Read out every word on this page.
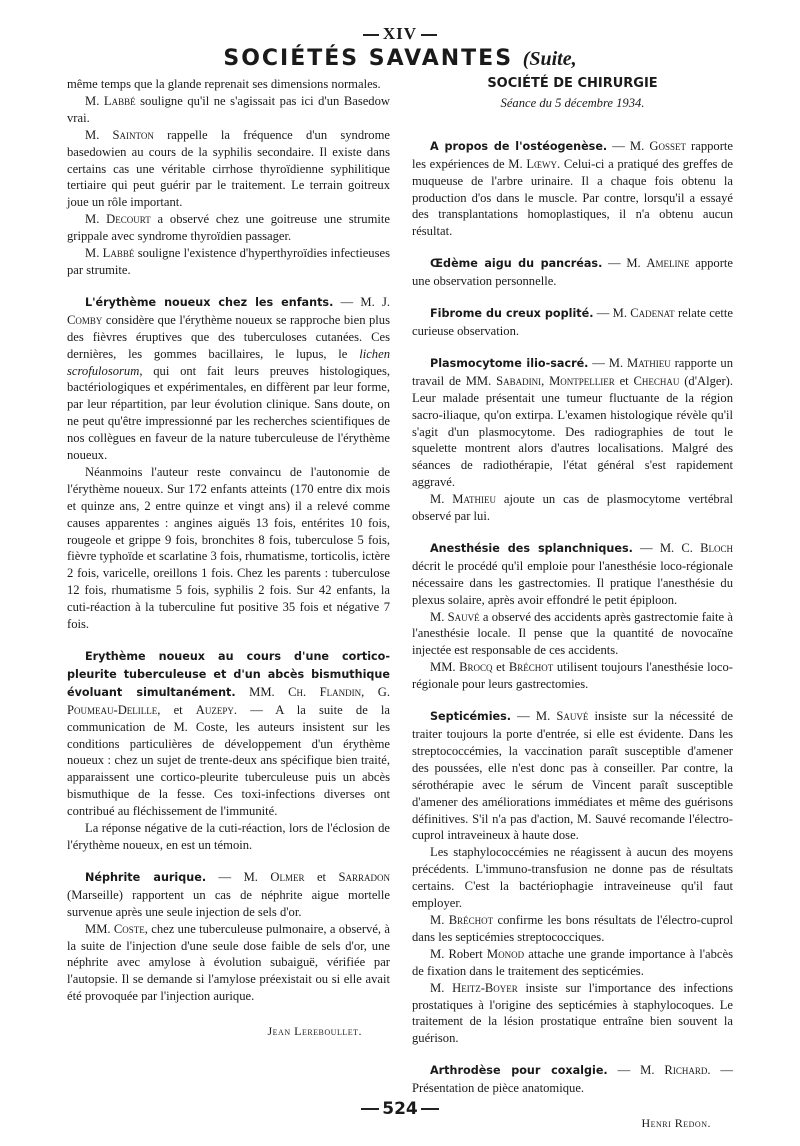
XIV
SOCIÉTÉS SAVANTES (Suite,

même temps que la glande reprenait ses dimensions normales.

M. Labbé souligne qu'il ne s'agissait pas ici d'un Basedow vrai.

M. Sainton rappelle la fréquence d'un syndrome basedowien au cours de la syphilis secondaire. Il existe dans certains cas une véritable cirrhose thyroïdienne syphilitique tertiaire qui peut guérir par le traitement. Le terrain goitreux joue un rôle important.

M. Decourt a observé chez une goitreuse une strumite grippale avec syndrome thyroïdien passager.

M. Labbé souligne l'existence d'hyperthyroïdies infectieuses par strumite.

L'érythème noueux chez les enfants. — M. J. Comby considère que l'érythème noueux se rapproche bien plus des fièvres éruptives que des tuberculoses cutanées. Ces dernières, les gommes bacillaires, le lupus, le lichen scrofulosorum, qui ont fait leurs preuves histologiques, bactériologiques et expérimentales, en diffèrent par leur forme, par leur répartition, par leur évolution clinique. Sans doute, on ne peut qu'être impressionné par les recherches scientifiques de nos collègues en faveur de la nature tuberculeuse de l'érythème noueux.

Néanmoins l'auteur reste convaincu de l'autonomie de l'érythème noueux. Sur 172 enfants atteints (170 entre dix mois et quinze ans, 2 entre quinze et vingt ans) il a relevé comme causes apparentes : angines aiguës 13 fois, entérites 10 fois, rougeole et grippe 9 fois, bronchites 8 fois, tuberculose 5 fois, fièvre typhoïde et scarlatine 3 fois, rhumatisme, torticolis, ictère 2 fois, varicelle, oreillons 1 fois. Chez les parents : tuberculose 12 fois, rhumatisme 5 fois, syphilis 2 fois. Sur 42 enfants, la cuti-réaction à la tuberculine fut positive 35 fois et négative 7 fois.

Erythème noueux au cours d'une cortico-pleurite tuberculeuse et d'un abcès bismuthique évoluant simultanément. MM. Ch. Flandin, G. Poumeau-Delille, et Auzepy. — A la suite de la communication de M. Coste, les auteurs insistent sur les conditions particulières de développement d'un érythème noueux : chez un sujet de trente-deux ans spécifique bien traité, apparaissent une cortico-pleurite tuberculeuse puis un abcès bismuthique de la fesse. Ces toxi-infections diverses ont contribué au fléchissement de l'immunité.

La réponse négative de la cuti-réaction, lors de l'éclosion de l'érythème noueux, en est un témoin.

Néphrite aurique. — M. Olmer et Sarradon (Marseille) rapportent un cas de néphrite aigue mortelle survenue après une seule injection de sels d'or.

MM. Coste, chez une tuberculeuse pulmonaire, a observé, à la suite de l'injection d'une seule dose faible de sels d'or, une néphrite avec amylose à évolution subaiguë, vérifiée par l'autopsie. Il se demande si l'amylose préexistait ou si elle avait été provoquée par l'injection aurique.

Jean Lereboullet.

SOCIÉTÉ DE CHIRURGIE

Séance du 5 décembre 1934.

A propos de l'ostéogenèse. — M. Gosset rapporte les expériences de M. Lœwy. Celui-ci a pratiqué des greffes de muqueuse de l'arbre urinaire. Il a chaque fois obtenu la production d'os dans le muscle. Par contre, lorsqu'il a essayé des transplantations homoplastiques, il n'a obtenu aucun résultat.

Œdème aigu du pancréas. — M. Ameline apporte une observation personnelle.

Fibrome du creux poplité. — M. Cadenat relate cette curieuse observation.

Plasmocytome ilio-sacré. — M. Mathieu rapporte un travail de MM. Sabadini, Montpellier et Chechau (d'Alger). Leur malade présentait une tumeur fluctuante de la région sacro-iliaque, qu'on extirpa. L'examen histologique révèle qu'il s'agit d'un plasmocytome. Des radiographies de tout le squelette montrent alors d'autres localisations. Malgré des séances de radiothérapie, l'état général s'est rapidement aggravé.

M. Mathieu ajoute un cas de plasmocytome vertébral observé par lui.

Anesthésie des splanchniques. — M. C. Bloch décrit le procédé qu'il emploie pour l'anesthésie loco-régionale nécessaire dans les gastrectomies. Il pratique l'anesthésie du plexus solaire, après avoir effondré le petit épiploon.

M. Sauvé a observé des accidents après gastrectomie faite à l'anesthésie locale. Il pense que la quantité de novocaïne injectée est responsable de ces accidents.

MM. Brocq et Bréchot utilisent toujours l'anesthésie loco-régionale pour leurs gastrectomies.

Septicémies. — M. Sauvé insiste sur la nécessité de traiter toujours la porte d'entrée, si elle est évidente. Dans les streptococcémies, la vaccination paraît susceptible d'amener des poussées, elle n'est donc pas à conseiller. Par contre, la sérothérapie avec le sérum de Vincent paraît susceptible d'amener des améliorations immédiates et même des guérisons définitives. S'il n'a pas d'action, M. Sauvé recomande l'électro-cuprol intraveineux à haute dose.

Les staphylococcémies ne réagissent à aucun des moyens précédents. L'immuno-transfusion ne donne pas de résultats certains. C'est la bactériophagie intraveineuse qu'il faut employer.

M. Bréchot confirme les bons résultats de l'électro-cuprol dans les septicémies streptococciques.

M. Robert Monod attache une grande importance à l'abcès de fixation dans le traitement des septicémies.

M. Heitz-Boyer insiste sur l'importance des infections prostatiques à l'origine des septicémies à staphylocoques. Le traitement de la lésion prostatique entraîne bien souvent la guérison.

Arthrodèse pour coxalgie. — M. Richard. — Présentation de pièce anatomique.

Henri Redon.

524
